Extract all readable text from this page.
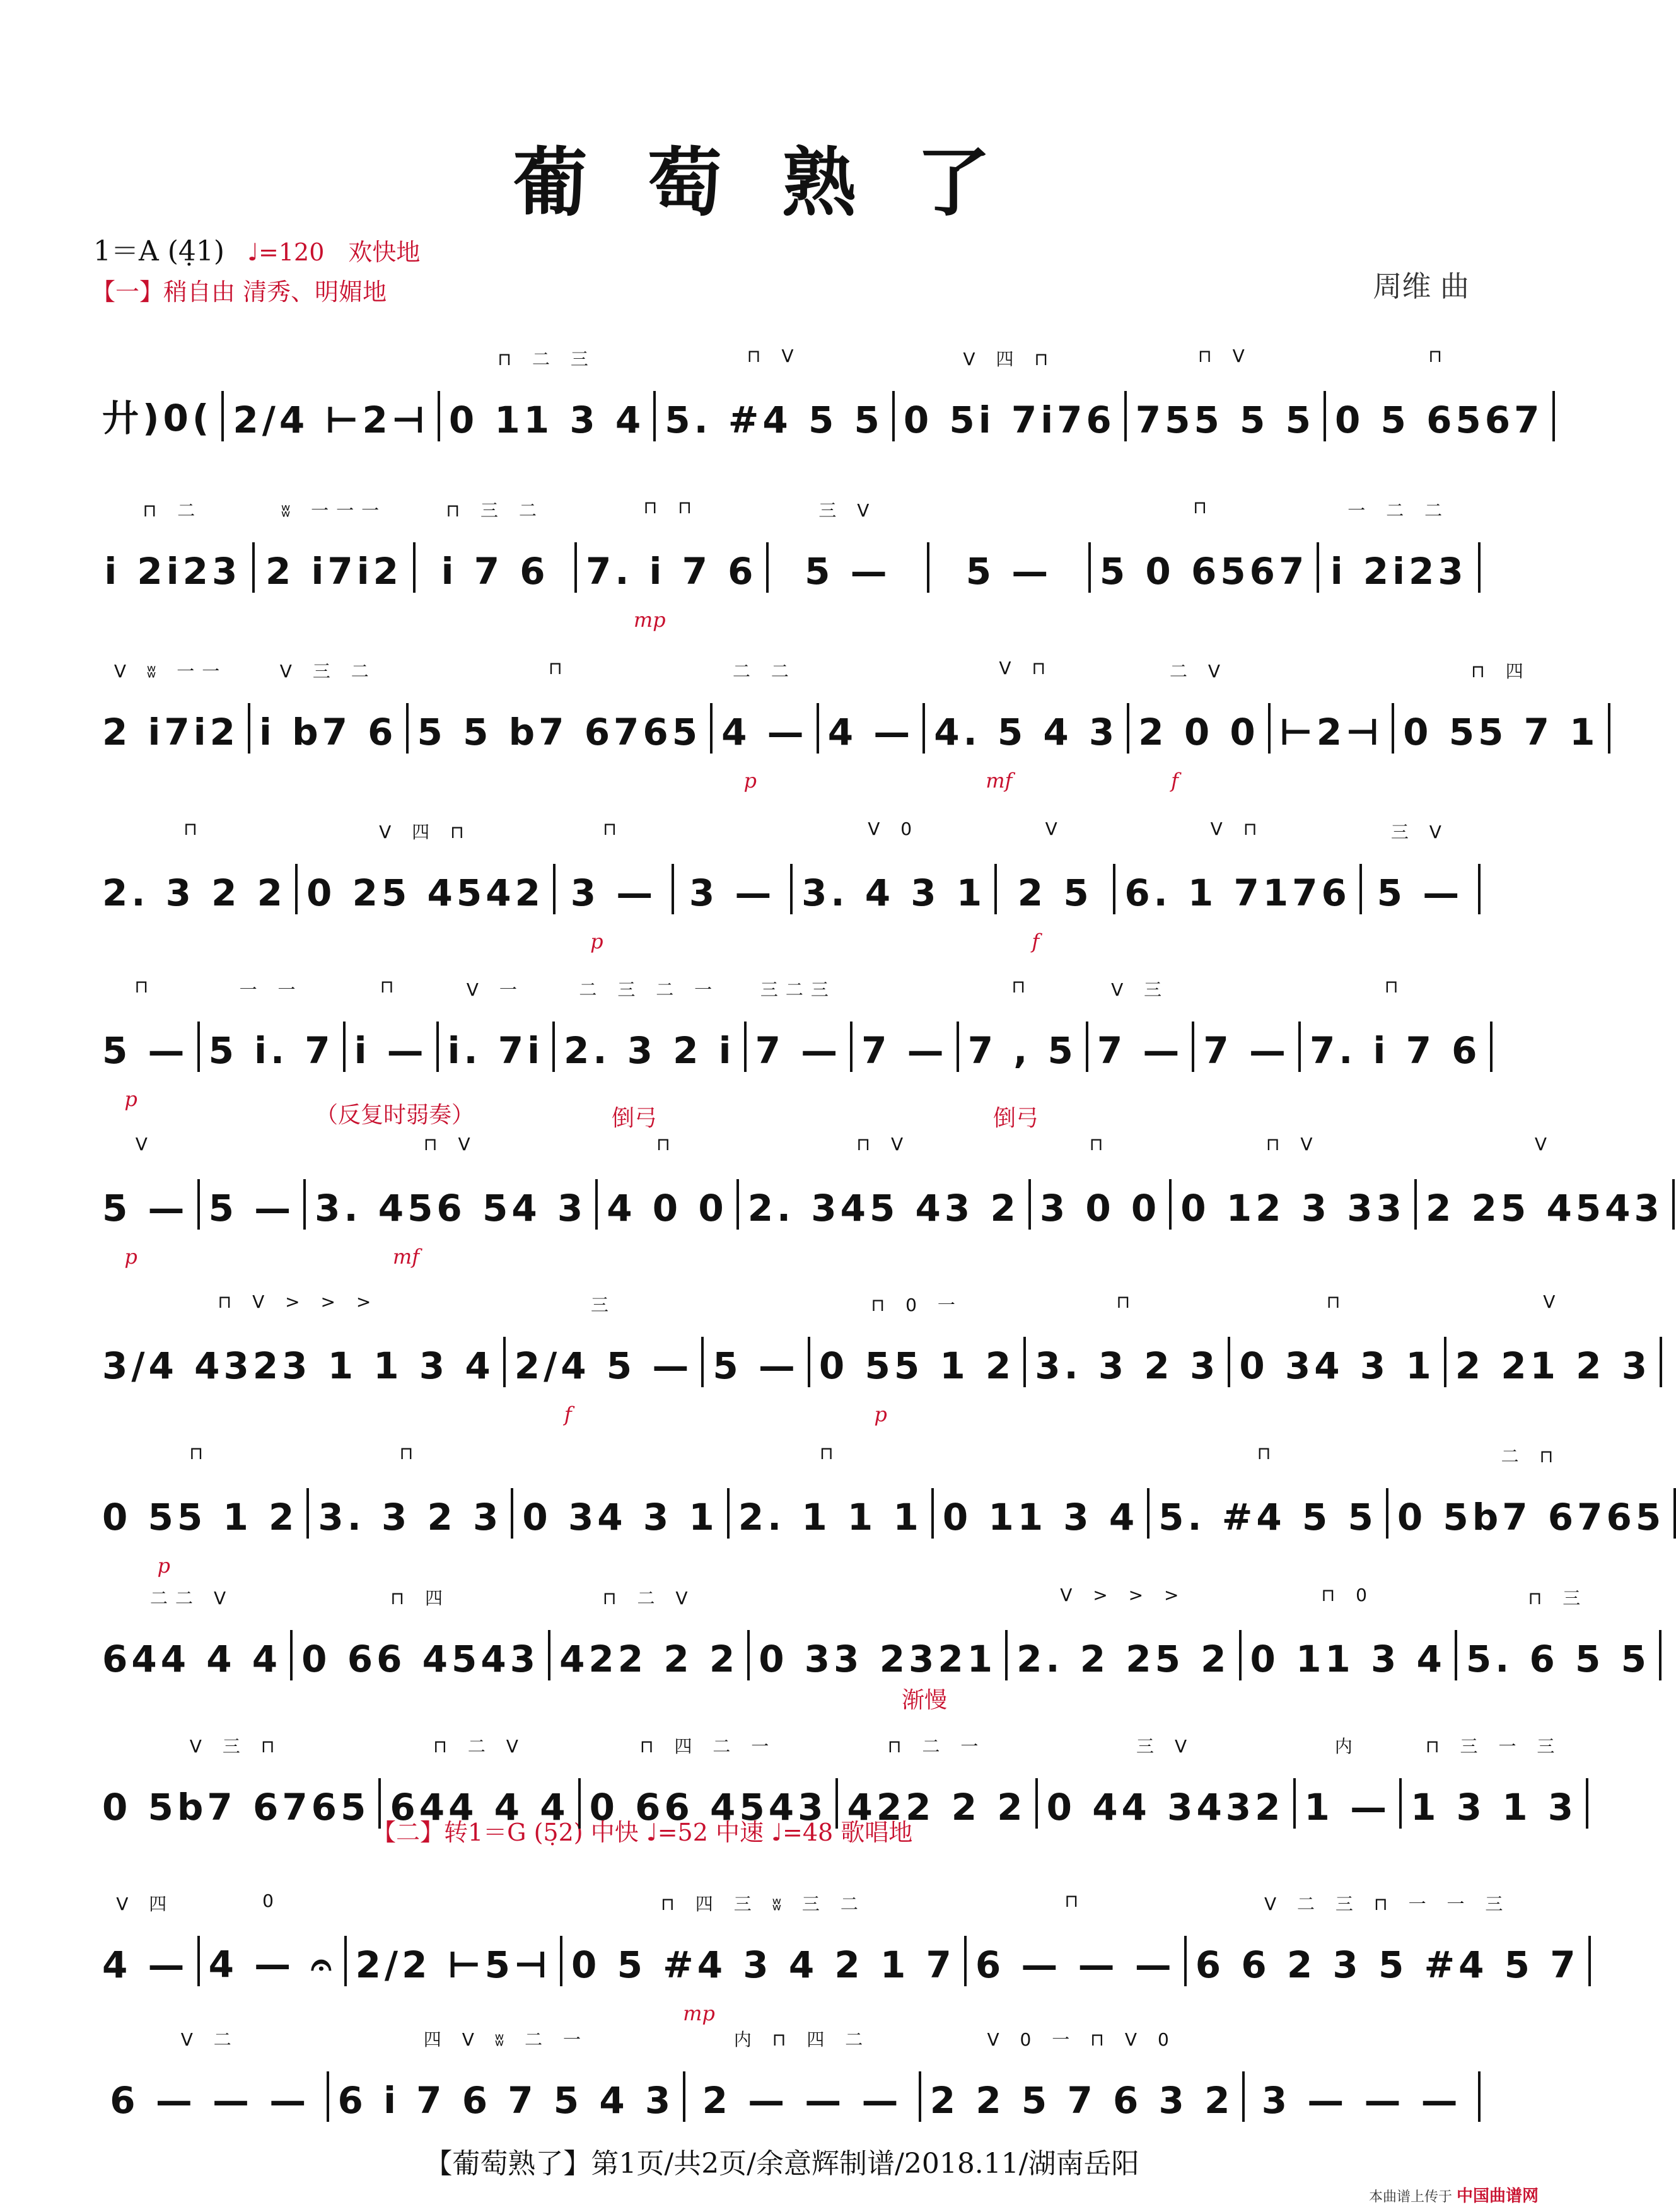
葡萄熟了
1＝A (4̣1) ♩=120 欢快地
【一】稍自由 清秀、明媚地	周维 曲
（反复时弱奏）	倒弓	倒弓
渐慢
【二】转1＝G (5̣2) 中快 ♩=52 中速 ♩=48 歌唱地
廾)0( 2/4 ⊢2⊣
⊓ 二 三
0 11 3 4
⊓ V
5. #4 5 5
V 四 ⊓
0 5i 7i76
⊓ V
755 5 5
⊓
0 5 6567
⊓ 二
i 2i23
ʬ 一一一
2 i7i2
⊓ 三 二
i 7 6
⊓ ⊓
7. i 7 6
mp
三 V
5 — 5 —
⊓
5 0 6567
一 二 二
i 2i23
V ʬ 一一
2 i7i2
V 三 二
i b7 6
⊓
5 5 b7 6765
二 二
4 —
p
4 —
V ⊓
4. 5 4 3
mf
二 V
2 0 0
f
⊢2⊣
⊓ 四
0 55 7 1
⊓
2. 3 2 2
V 四 ⊓
0 25 4542
⊓
3 —
p
3 —
V 0
3. 4 3 1
V
2 5
f
V ⊓
6. 1 7176
三 V
5 —
⊓
5 —
p
一 一
5 i. 7
⊓
i —
V 一
i. 7i
二 三 二 一
2. 3 2 i
三二三
7 — 7 —
⊓
7 , 5
V 三
7 — 7 —
⊓
7. i 7 6
V
5 —
p
5 —
⊓ V
3. 456 54 3
mf
⊓
4 0 0
⊓ V
2. 345 43 2
⊓
3 0 0
⊓ V
0 12 3 33
V
2 25 4543
⊓ V > > >
3/4 4323 1 1 3 4
三
2/4 5 —
f
5 —
⊓ 0 一
0 55 1 2
p
⊓
3. 3 2 3
⊓
0 34 3 1
V
2 21 2 3
⊓
0 55 1 2
p
⊓
3. 3 2 3 0 34 3 1
⊓
2. 1 1 1 0 11 3 4
⊓
5. #4 5 5
二 ⊓
0 5b7 6765
二二 V
644 4 4
⊓ 四
0 66 4543
⊓ 二 V
422 2 2 0 33 2321
V > > >
2. 2 25 2
⊓ 0
0 11 3 4
⊓ 三
5. 6 5 5
V 三 ⊓
0 5b7 6765
⊓ 二 V
644 4 4
⊓ 四 二 一
0 66 4543
⊓ 二 一
422 2 2
三 V
0 44 3432
内
1 —
⊓ 三 一 三
1 3 1 3
V 四
4 —
0
4 — 𝄐 2/2 ⊢5⊣
⊓ 四 三 ʬ 三 二
0 5 #4 3 4 2 1 7
mp
⊓
6 — — —
V 二 三 ⊓ 一 一 三
6 6 2 3 5 #4 5 7
V 二
6 — — —
四 V ʬ 二 一
6 i 7 6 7 5 4 3
内 ⊓ 四 二
2 — — —
V 0 一 ⊓ V 0
2 2 5 7 6 3 2 3 — — —
【葡萄熟了】第1页/共2页/余意辉制谱/2018.11/湖南岳阳
本曲谱上传于 中国曲谱网
